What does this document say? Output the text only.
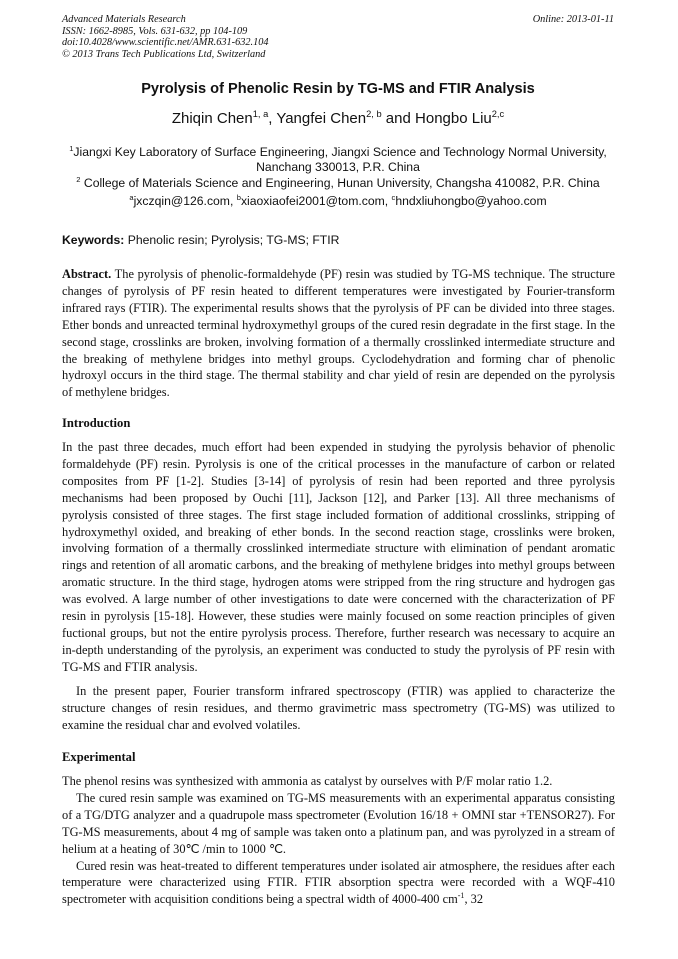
Advanced Materials Research
ISSN: 1662-8985, Vols. 631-632, pp 104-109
doi:10.4028/www.scientific.net/AMR.631-632.104
© 2013 Trans Tech Publications Ltd, Switzerland
Online: 2013-01-11
Pyrolysis of Phenolic Resin by TG-MS and FTIR Analysis
Zhiqin Chen$^{1, a}$, Yangfei Chen$^{2, b}$ and Hongbo Liu$^{2,c}$
$^1$Jiangxi Key Laboratory of Surface Engineering, Jiangxi Science and Technology Normal University, Nanchang 330013, P.R. China
$^2$ College of Materials Science and Engineering, Hunan University, Changsha 410082, P.R. China
$^a$jxczqin@126.com, $^b$xiaoxiaofei2001@tom.com, $^c$hndxliuhongbo@yahoo.com
Keywords: Phenolic resin; Pyrolysis; TG-MS; FTIR
Abstract. The pyrolysis of phenolic-formaldehyde (PF) resin was studied by TG-MS technique. The structure changes of pyrolysis of PF resin heated to different temperatures were investigated by Fourier-transform infrared rays (FTIR). The experimental results shows that the pyrolysis of PF can be divided into three stages. Ether bonds and unreacted terminal hydroxymethyl groups of the cured resin degradate in the first stage. In the second stage, crosslinks are broken, involving formation of a thermally crosslinked intermediate structure and the breaking of methylene bridges into methyl groups. Cyclodehydration and forming char of phenolic hydroxyl occurs in the third stage. The thermal stability and char yield of resin are depended on the pyrolysis of methylene bridges.
Introduction
In the past three decades, much effort had been expended in studying the pyrolysis behavior of phenolic formaldehyde (PF) resin. Pyrolysis is one of the critical processes in the manufacture of carbon or related composites from PF [1-2]. Studies [3-14] of pyrolysis of resin had been reported and three pyrolysis mechanisms had been proposed by Ouchi [11], Jackson [12], and Parker [13]. All three mechanisms of pyrolysis consisted of three stages. The first stage included formation of additional crosslinks, stripping of hydroxymethyl oxided, and breaking of ether bonds. In the second reaction stage, crosslinks were broken, involving formation of a thermally crosslinked intermediate structure with elimination of pendant aromatic rings and retention of all aromatic carbons, and the breaking of methylene bridges into methyl groups between aromatic structure. In the third stage, hydrogen atoms were stripped from the ring structure and hydrogen gas was evolved. A large number of other investigations to date were concerned with the characterization of PF resin in pyrolysis [15-18]. However, these studies were mainly focused on some reaction principles of given fuctional groups, but not the entire pyrolysis process. Therefore, further research was necessary to acquire an in-depth understanding of the pyrolysis, an experiment was conducted to study the pyrolysis of PF resin with TG-MS and FTIR analysis.
In the present paper, Fourier transform infrared spectroscopy (FTIR) was applied to characterize the structure changes of resin residues, and thermo gravimetric mass spectrometry (TG-MS) was utilized to examine the residual char and evolved volatiles.
Experimental
The phenol resins was synthesized with ammonia as catalyst by ourselves with P/F molar ratio 1.2.
The cured resin sample was examined on TG-MS measurements with an experimental apparatus consisting of a TG/DTG analyzer and a quadrupole mass spectrometer (Evolution 16/18 + OMNI star +TENSOR27). For TG-MS measurements, about 4 mg of sample was taken onto a platinum pan, and was pyrolyzed in a stream of helium at a heating of 30℃ /min to 1000 ℃.
Cured resin was heat-treated to different temperatures under isolated air atmosphere, the residues after each temperature were characterized using FTIR. FTIR absorption spectra were recorded with a WQF-410 spectrometer with acquisition conditions being a spectral width of 4000-400 $cm^{-1}$, 32
